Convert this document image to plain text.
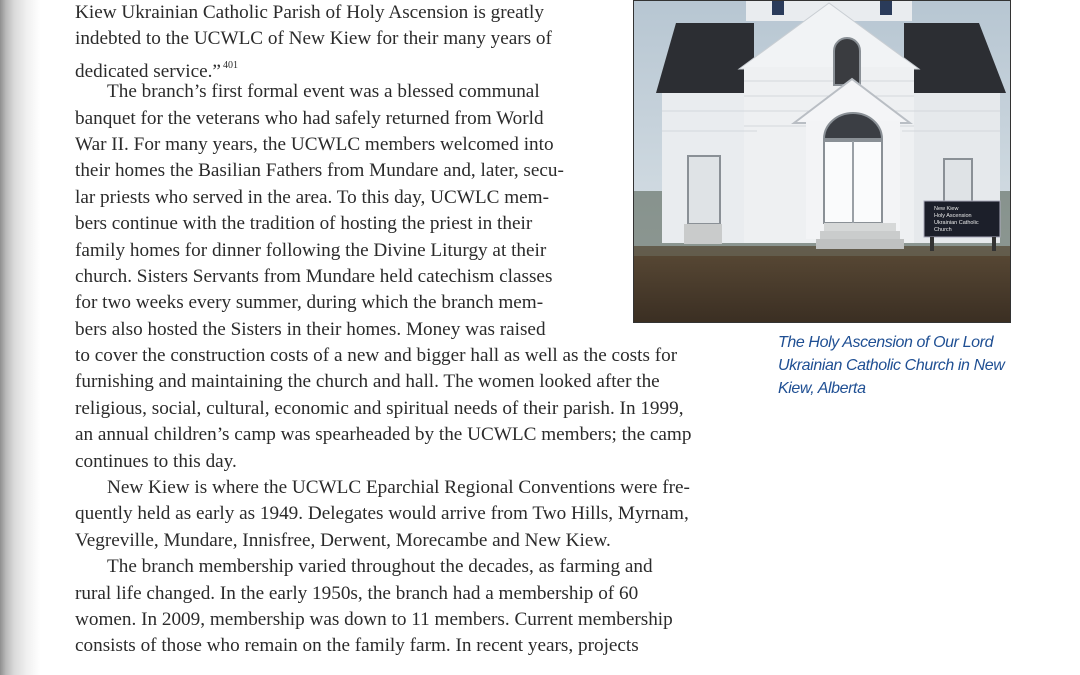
Kiew Ukrainian Catholic Parish of Holy Ascension is greatly
indebted to the UCWLC of New Kiew for their many years of
dedicated service.” $^{401}$
The branch’s first formal event was a blessed communal
banquet for the veterans who had safely returned from World
War II. For many years, the UCWLC members welcomed into
their homes the Basilian Fathers from Mundare and, later, secu-
lar priests who served in the area. To this day, UCWLC mem-
bers continue with the tradition of hosting the priest in their
family homes for dinner following the Divine Liturgy at their
church. Sisters Servants from Mundare held catechism classes
for two weeks every summer, during which the branch mem-
bers also hosted the Sisters in their homes. Money was raised
to cover the construction costs of a new and bigger hall as well as the costs for
furnishing and maintaining the church and hall. The women looked after the
religious, social, cultural, economic and spiritual needs of their parish. In 1999,
an annual children’s camp was spearheaded by the UCWLC members; the camp
continues to this day.
New Kiew is where the UCWLC Eparchial Regional Conventions were fre-
quently held as early as 1949. Delegates would arrive from Two Hills, Myrnam,
Vegreville, Mundare, Innisfree, Derwent, Morecambe and New Kiew.
The branch membership varied throughout the decades, as farming and
rural life changed. In the early 1950s, the branch had a membership of 60
women. In 2009, membership was down to 11 members. Current membership
consists of those who remain on the family farm. In recent years, projects
New Kiew
Holy Ascension
Ukrainian Catholic
Church
The Holy Ascension of Our Lord
Ukrainian Catholic Church in New
Kiew, Alberta
